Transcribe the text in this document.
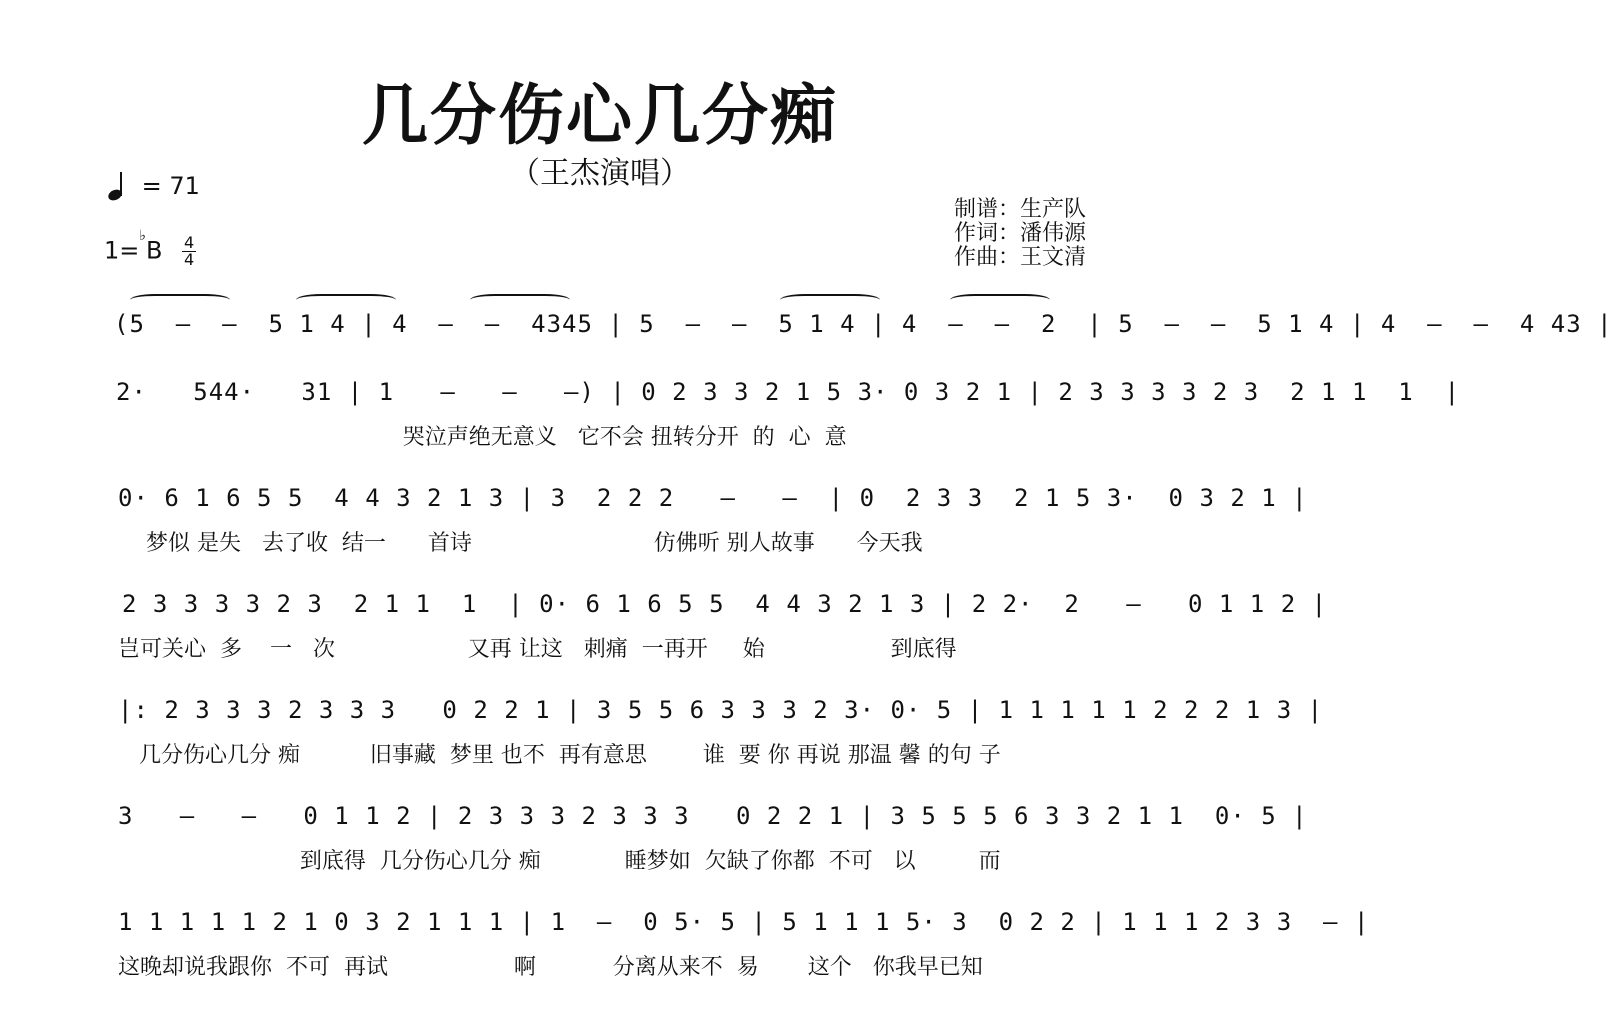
几分伤心几分痴
（王杰演唱）
= 71
$1=^♭B \frac{4}{4}$
制谱：生产队
作词：潘伟源
作曲：王文清
(5  –  –  5 1 4 | 4  –  –  4345 | 5  –  –  5 1 4 | 4  –  –  2  | 5  –  –  5 1 4 | 4  –  –  4 43 |
2·   544·   31 | 1   –   –   –) | 0 2 3 3 2 1 5 3· 0 3 2 1 | 2 3 3 3 3 2 3  2 1 1  1  |
哭泣声绝无意义   它不会 扭转分开  的  心  意
0· 6 1 6 5 5  4 4 3 2 1 3 | 3  2 2 2   –   –  | 0  2 3 3  2 1 5 3·  0 3 2 1 |
梦似 是失   去了收  结一      首诗                          仿佛听 别人故事      今天我
2 3 3 3 3 2 3  2 1 1  1  | 0· 6 1 6 5 5  4 4 3 2 1 3 | 2 2·  2   –   0 1 1 2 |
岂可关心  多    一   次                   又再 让这   刺痛  一再开     始                  到底得
|: 2 3 3 3 2 3 3 3   0 2 2 1 | 3 5 5 6 3 3 3 2 3· 0· 5 | 1 1 1 1 1 2 2 2 1 3 |
几分伤心几分 痴          旧事藏  梦里 也不  再有意思        谁  要 你 再说 那温 馨 的句 子
3   –   –   0 1 1 2 | 2 3 3 3 2 3 3 3   0 2 2 1 | 3 5 5 5 6 3 3 2 1 1  0· 5 |
到底得  几分伤心几分 痴            睡梦如  欠缺了你都  不可   以         而
1 1 1 1 1 2 1 0 3 2 1 1 1 | 1  –  0 5· 5 | 5 1 1 1 5· 3  0 2 2 | 1 1 1 2 3 3  – |
这晚却说我跟你  不可  再试                  啊           分离从来不  易       这个   你我早已知
